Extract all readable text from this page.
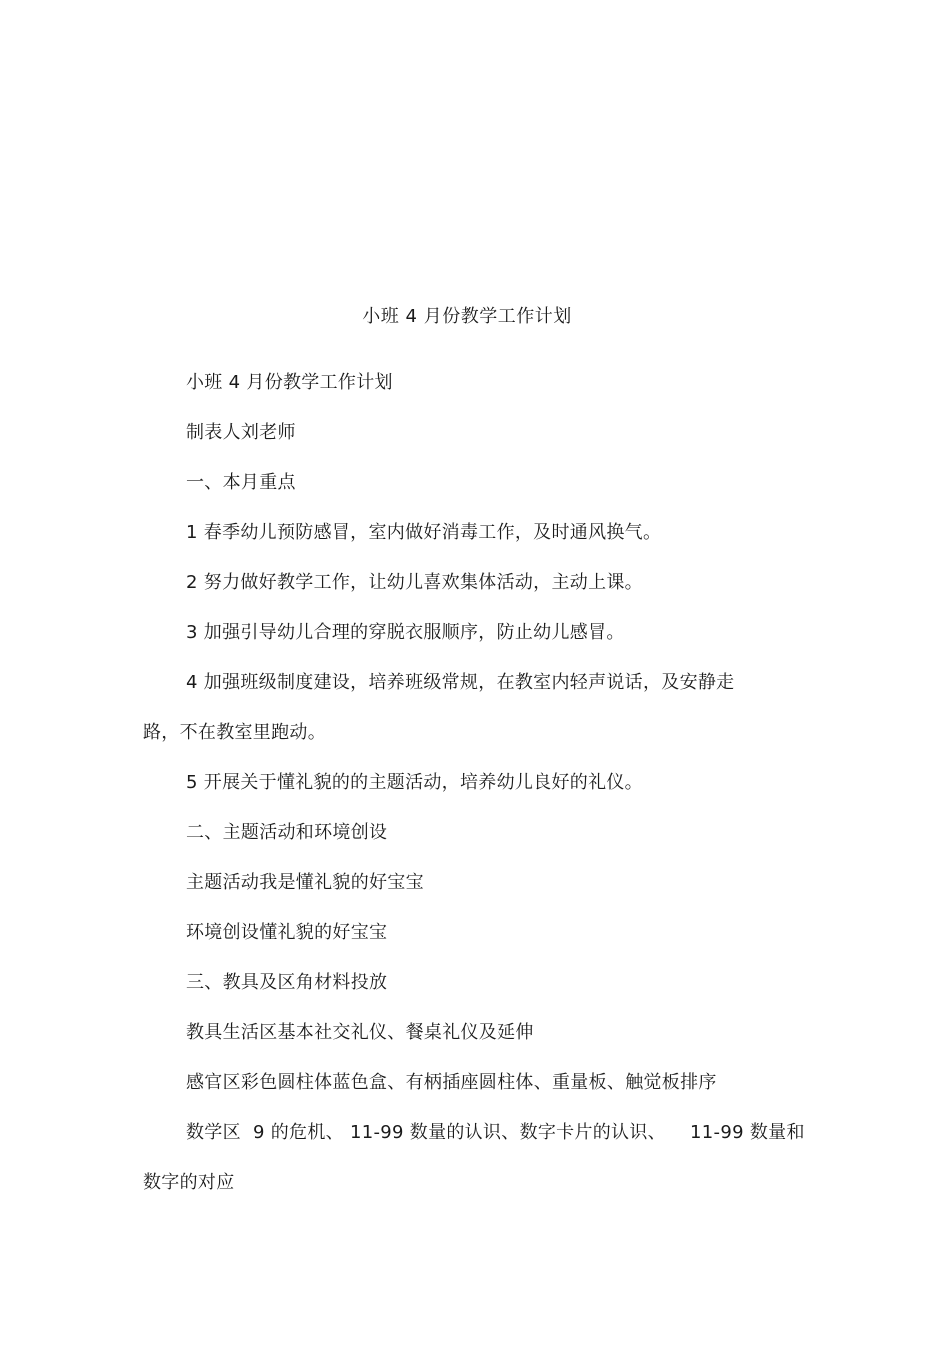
小班 4 月份教学工作计划
小班 4 月份教学工作计划
制表人刘老师
一、本月重点
1 春季幼儿预防感冒，室内做好消毒工作，及时通风换气。
2 努力做好教学工作，让幼儿喜欢集体活动，主动上课。
3 加强引导幼儿合理的穿脱衣服顺序，防止幼儿感冒。
4 加强班级制度建设，培养班级常规，在教室内轻声说话，及安静走
路，不在教室里跑动。
5 开展关于懂礼貌的的主题活动，培养幼儿良好的礼仪。
二、主题活动和环境创设
主题活动我是懂礼貌的好宝宝
环境创设懂礼貌的好宝宝
三、教具及区角材料投放
教具生活区基本社交礼仪、餐桌礼仪及延伸
感官区彩色圆柱体蓝色盒、有柄插座圆柱体、重量板、触觉板排序
数学区  9 的危机、 11-99 数量的认识、数字卡片的认识、    11-99 数量和
数字的对应
